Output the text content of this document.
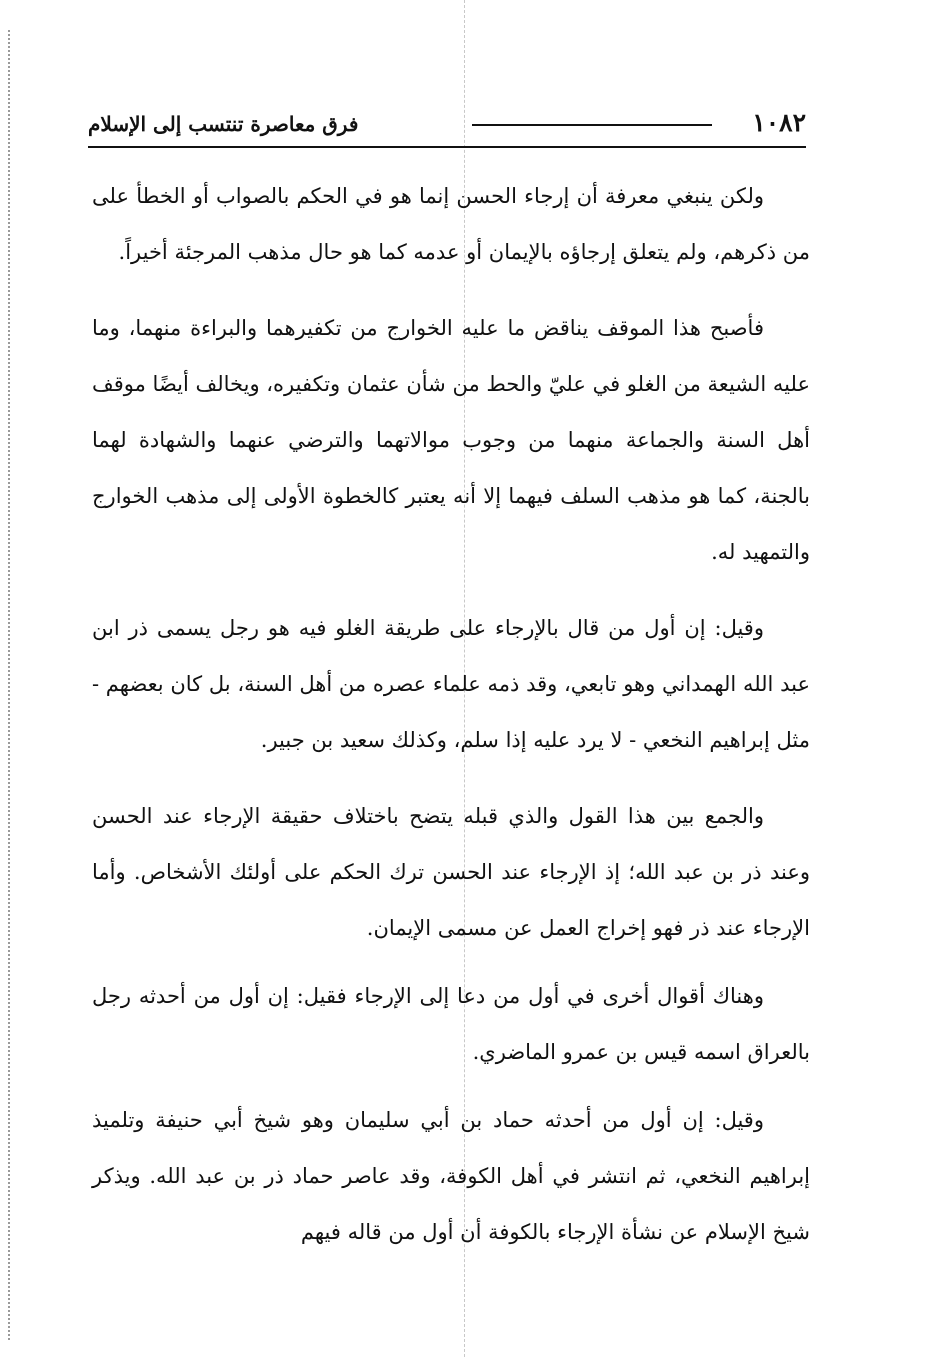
١٠٨٢
فرق معاصرة تنتسب إلى الإسلام

ولكن ينبغي معرفة أن إرجاء الحسن إنما هو في الحكم بالصواب أو الخطأ على من ذكرهم، ولم يتعلق إرجاؤه بالإيمان أو عدمه كما هو حال مذهب المرجئة أخيراً.

فأصبح هذا الموقف يناقض ما عليه الخوارج من تكفيرهما والبراءة منهما، وما عليه الشيعة من الغلو في عليّ والحط من شأن عثمان وتكفيره، ويخالف أيضًا موقف أهل السنة والجماعة منهما من وجوب موالاتهما والترضي عنهما والشهادة لهما بالجنة، كما هو مذهب السلف فيهما إلا أنه يعتبر كالخطوة الأولى إلى مذهب الخوارج والتمهيد له.

وقيل: إن أول من قال بالإرجاء على طريقة الغلو فيه هو رجل يسمى ذر ابن عبد الله الهمداني وهو تابعي، وقد ذمه علماء عصره من أهل السنة، بل كان بعضهم - مثل إبراهيم النخعي - لا يرد عليه إذا سلم، وكذلك سعيد بن جبير.

والجمع بين هذا القول والذي قبله يتضح باختلاف حقيقة الإرجاء عند الحسن وعند ذر بن عبد الله؛ إذ الإرجاء عند الحسن ترك الحكم على أولئك الأشخاص. وأما الإرجاء عند ذر فهو إخراج العمل عن مسمى الإيمان.

وهناك أقوال أخرى في أول من دعا إلى الإرجاء فقيل: إن أول من أحدثه رجل بالعراق اسمه قيس بن عمرو الماضري.

وقيل: إن أول من أحدثه حماد بن أبي سليمان وهو شيخ أبي حنيفة وتلميذ إبراهيم النخعي، ثم انتشر في أهل الكوفة، وقد عاصر حماد ذر بن عبد الله. ويذكر شيخ الإسلام عن نشأة الإرجاء بالكوفة أن أول من قاله فيهم
